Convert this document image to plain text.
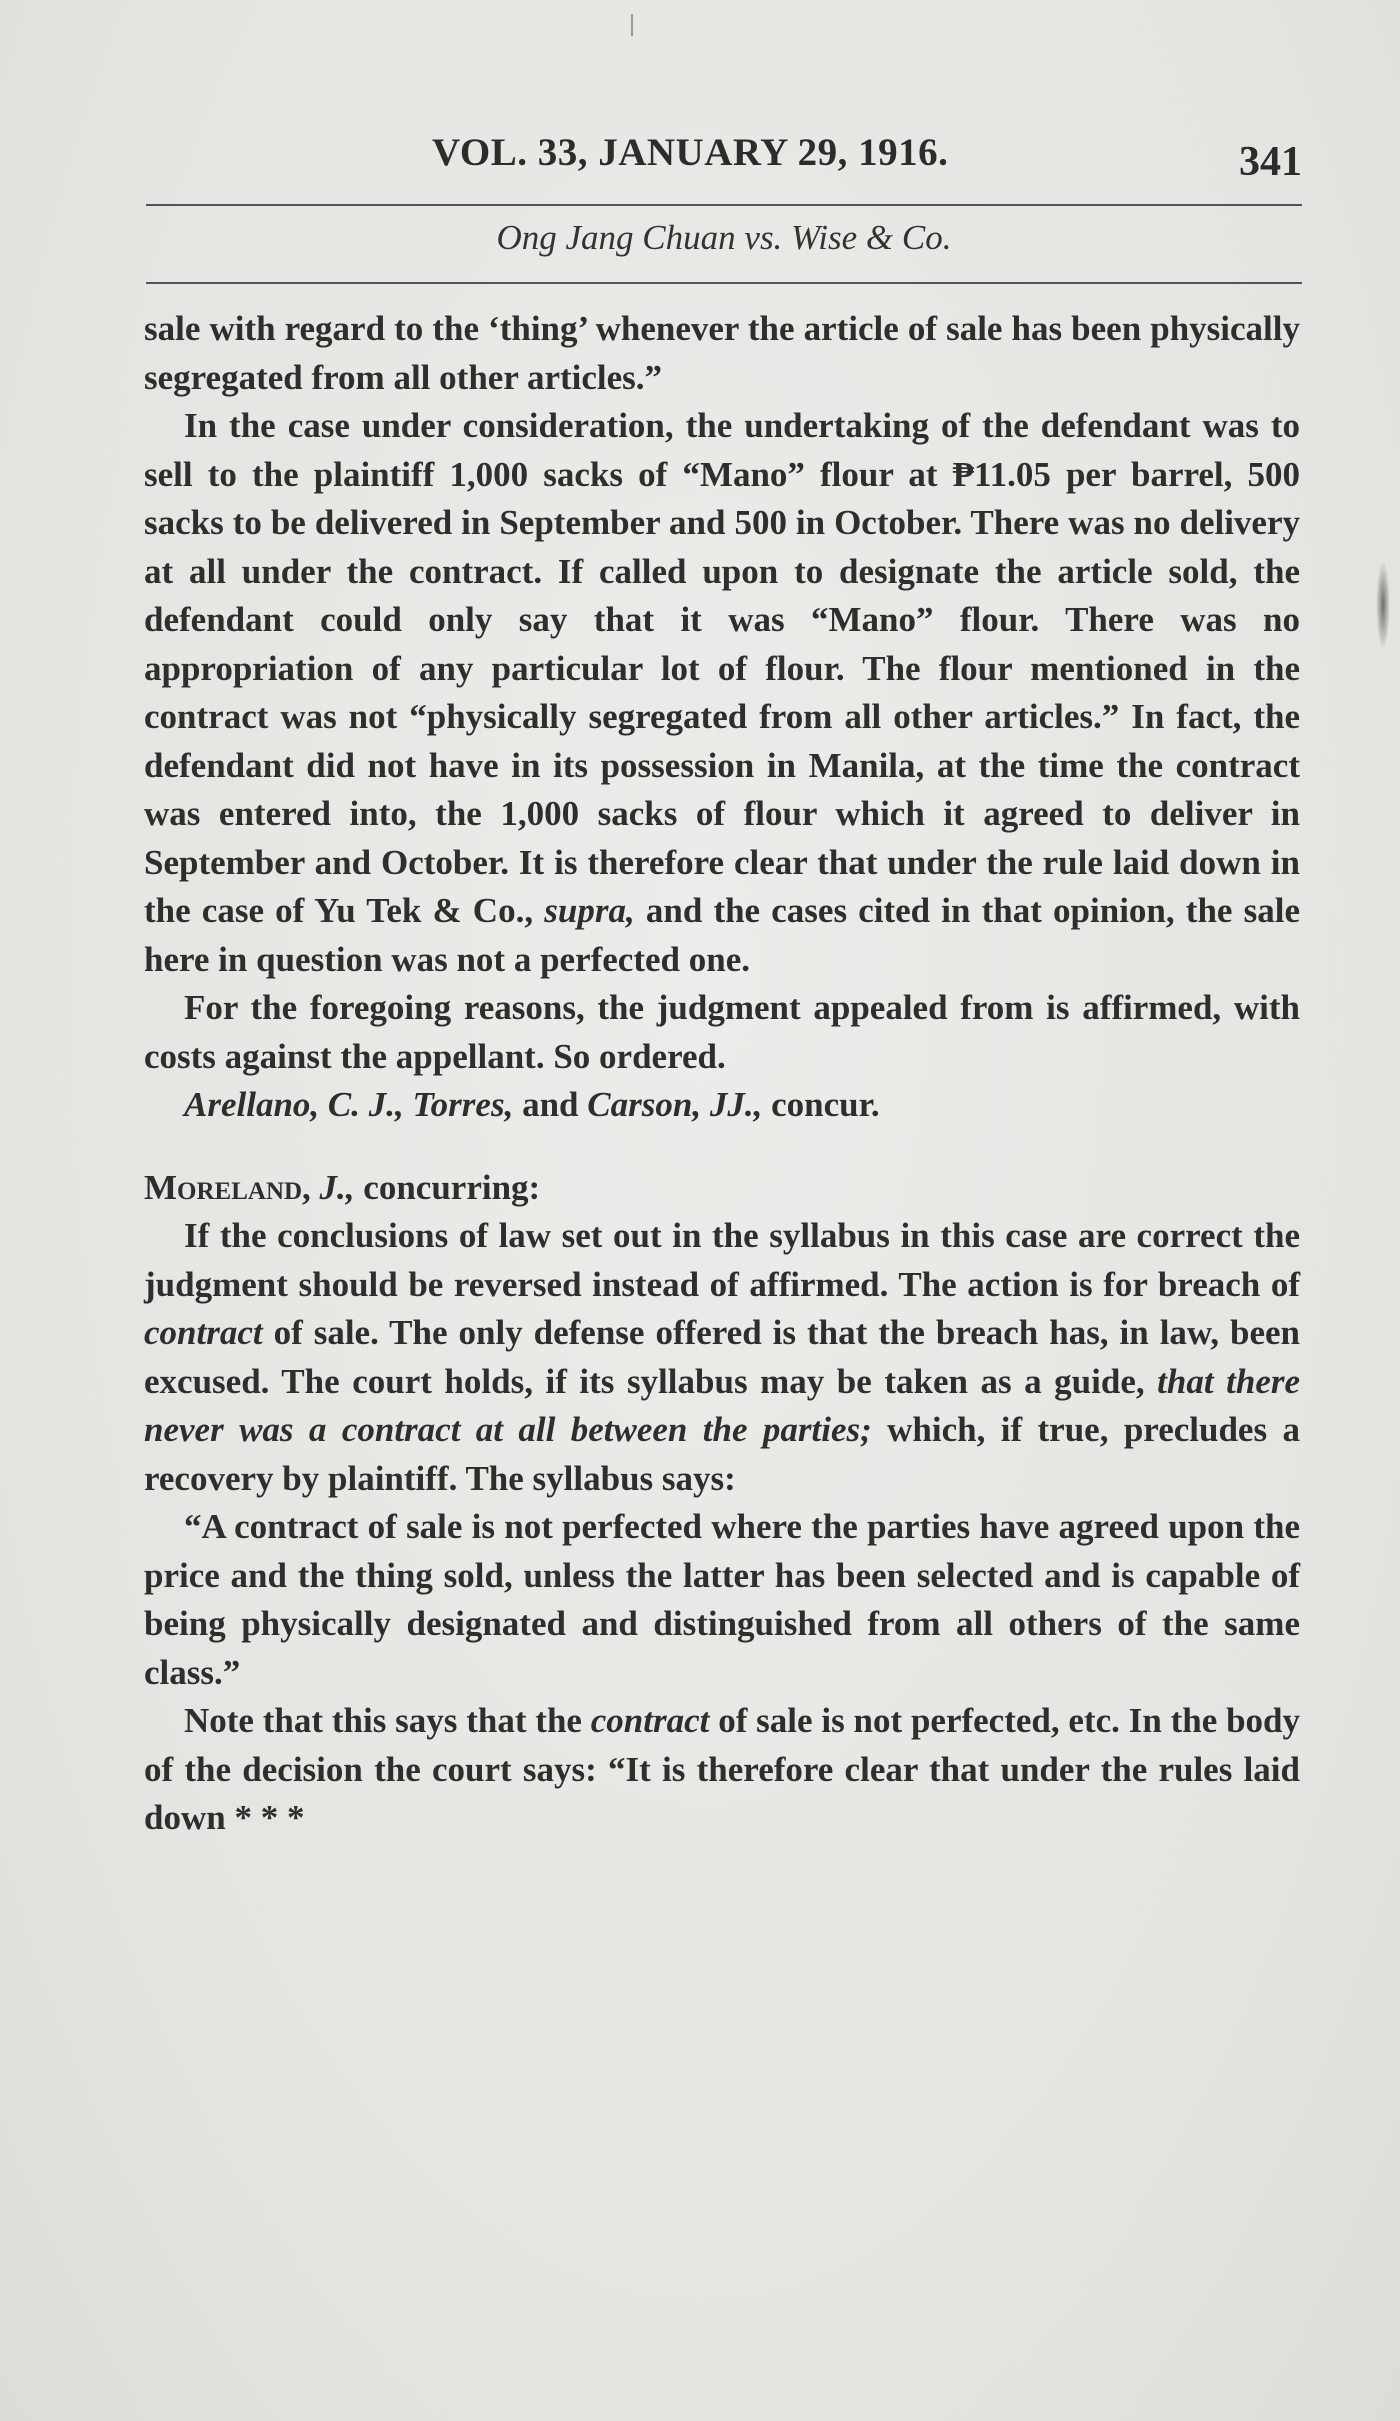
VOL. 33, JANUARY 29, 1916.	341
Ong Jang Chuan vs. Wise & Co.

sale with regard to the ‘thing’ whenever the article of sale has been physically segregated from all other articles.”

In the case under consideration, the undertaking of the defendant was to sell to the plaintiff 1,000 sacks of “Mano” flour at ₱11.05 per barrel, 500 sacks to be delivered in September and 500 in October. There was no delivery at all under the contract. If called upon to designate the article sold, the defendant could only say that it was “Mano” flour. There was no appropriation of any particular lot of flour. The flour mentioned in the contract was not “physically segregated from all other articles.” In fact, the defendant did not have in its possession in Manila, at the time the contract was entered into, the 1,000 sacks of flour which it agreed to deliver in September and October. It is therefore clear that under the rule laid down in the case of Yu Tek & Co., supra, and the cases cited in that opinion, the sale here in question was not a perfected one.

For the foregoing reasons, the judgment appealed from is affirmed, with costs against the appellant. So ordered.

Arellano, C. J., Torres, and Carson, JJ., concur.

Moreland, J., concurring:

If the conclusions of law set out in the syllabus in this case are correct the judgment should be reversed instead of affirmed. The action is for breach of contract of sale. The only defense offered is that the breach has, in law, been excused. The court holds, if its syllabus may be taken as a guide, that there never was a contract at all between the parties; which, if true, precludes a recovery by plaintiff. The syllabus says:

“A contract of sale is not perfected where the parties have agreed upon the price and the thing sold, unless the latter has been selected and is capable of being physically designated and distinguished from all others of the same class.”

Note that this says that the contract of sale is not perfected, etc. In the body of the decision the court says: “It is therefore clear that under the rules laid down * * *
